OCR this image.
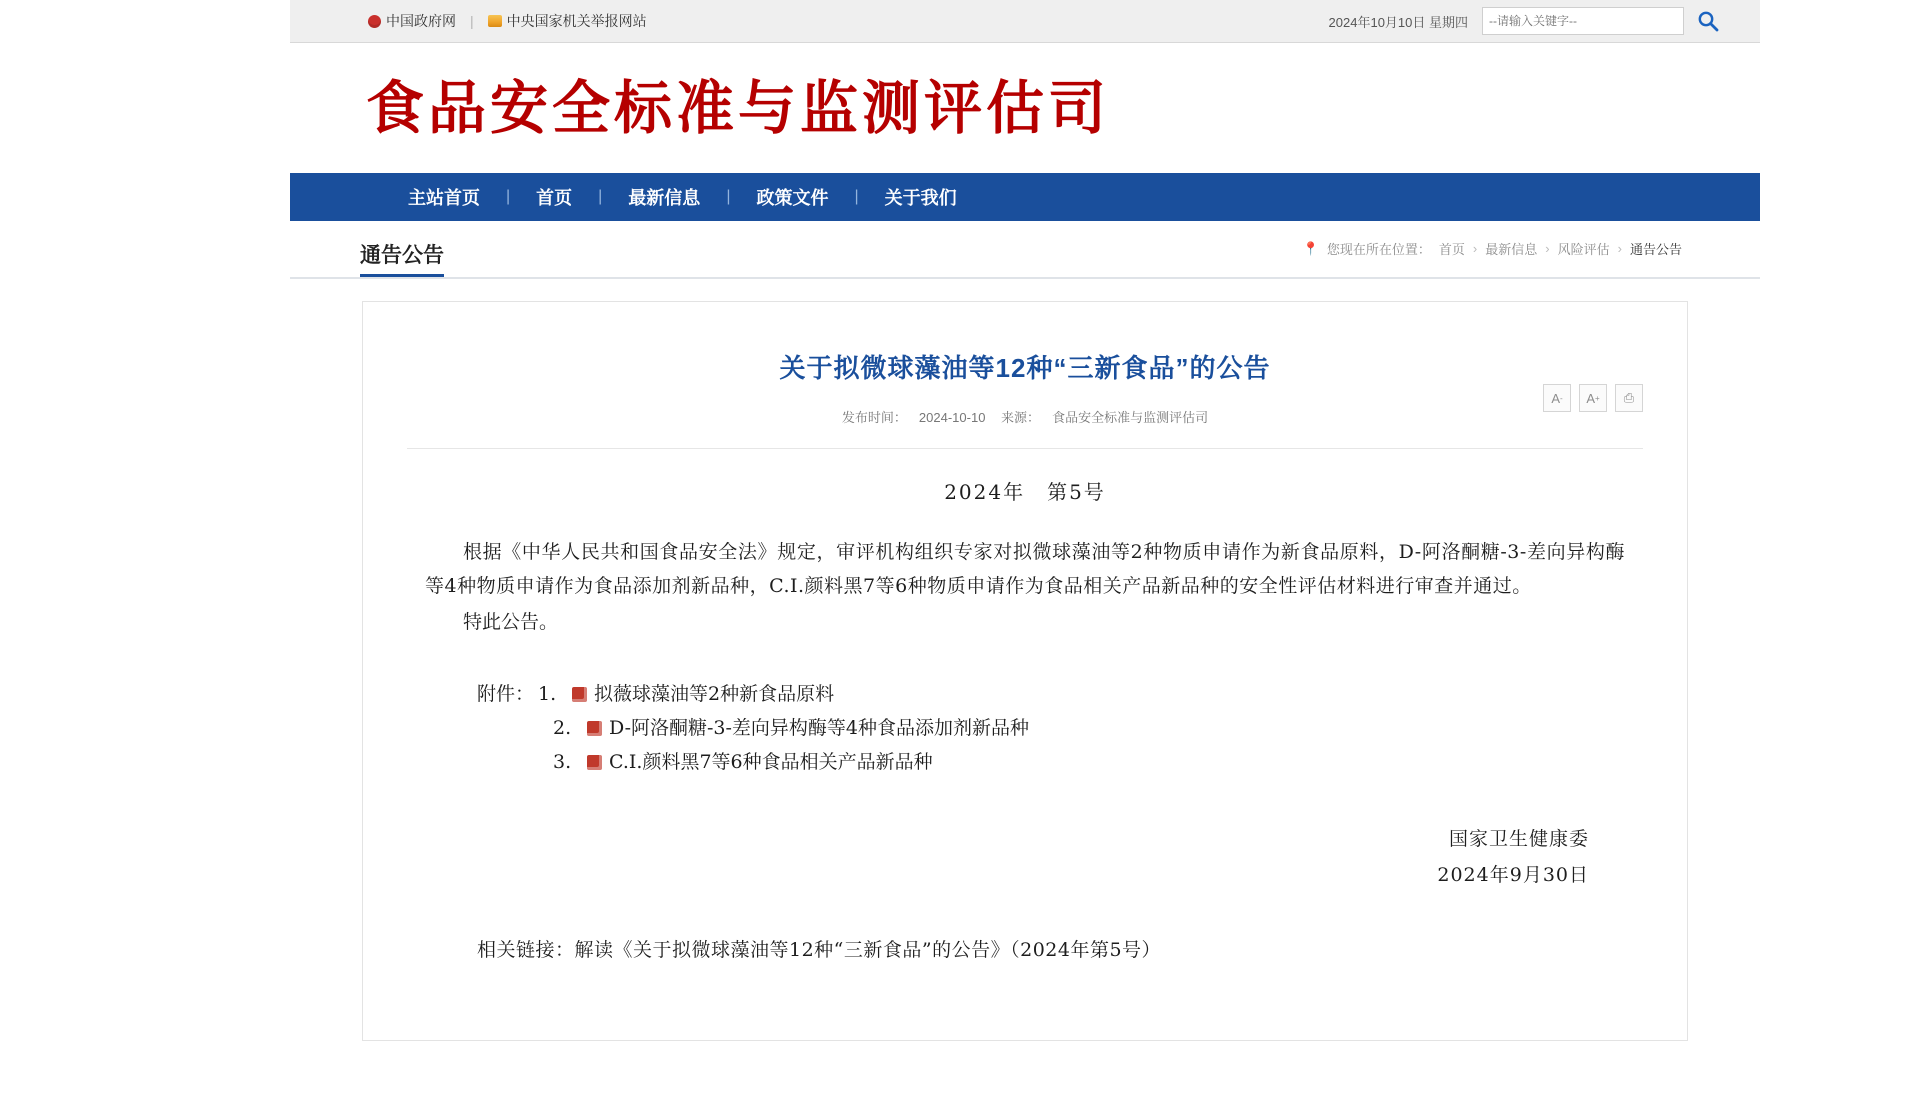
中国政府网	|	中央国家机关举报网站	2024年10月10日 星期四
--请输入关键字--
食品安全标准与监测评估司
主站首页	|	首页	|	最新信息	|	政策文件	|	关于我们
通告公告	📍 您现在所在位置： 首页 › 最新信息 › 风险评估 › 通告公告
关于拟微球藻油等12种“三新食品”的公告
发布时间： 2024-10-10 来源： 食品安全标准与监测评估司
A - A + ⎙
2024年　第5号
根据《中华人民共和国食品安全法》规定，审评机构组织专家对拟微球藻油等2种物质申请作为新食品原料，D-阿洛酮糖-3-差向异构酶等4种物质申请作为食品添加剂新品种，C.I.颜料黑7等6种物质申请作为食品相关产品新品种的安全性评估材料进行审查并通过。
特此公告。
附件： 1.	拟薇球藻油等2种新食品原料
2.	D-阿洛酮糖-3-差向异构酶等4种食品添加剂新品种
3.	C.I.颜料黑7等6种食品相关产品新品种
国家卫生健康委
2024年9月30日
相关链接：解读《关于拟微球藻油等12种“三新食品”的公告》（2024年第5号）
